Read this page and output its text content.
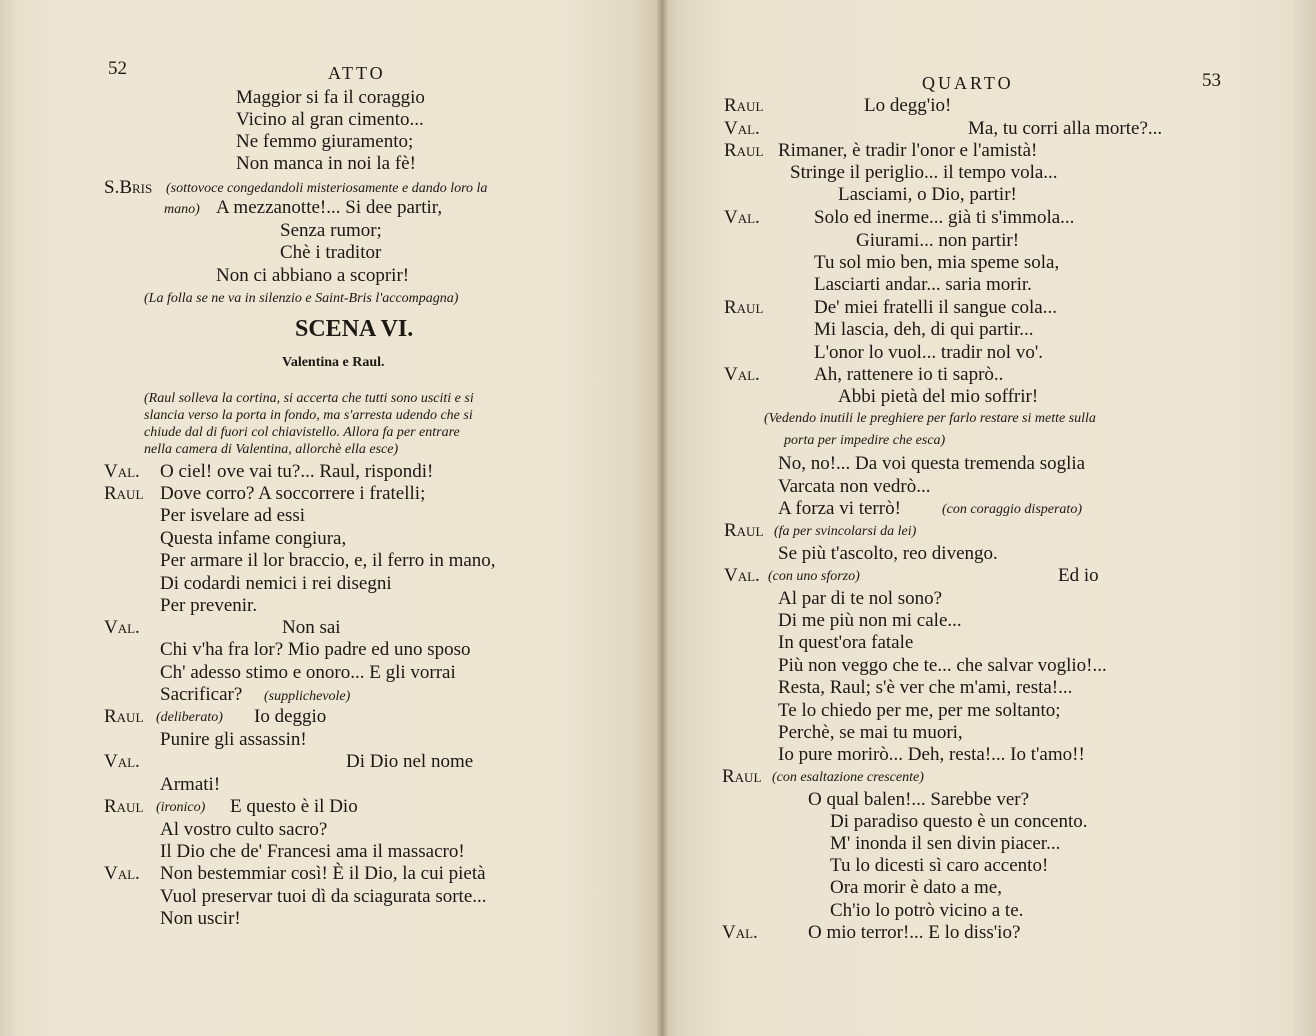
52	ATTO
Maggior si fa il coraggio
Vicino al gran cimento...
Ne femmo giuramento;
Non manca in noi la fè!
S.Bris (sottovoce congedandoli misteriosamente e dando loro la
mano) A mezzanotte!... Si dee partir,
Senza rumor;
Chè i traditor
Non ci abbiano a scoprir!
(La folla se ne va in silenzio e Saint-Bris l'accompagna)
SCENA VI.
Valentina e Raul.
(Raul solleva la cortina, si accerta che tutti sono usciti e si
slancia verso la porta in fondo, ma s'arresta udendo che si
chiude dal di fuori col chiavistello. Allora fa per entrare
nella camera di Valentina, allorchè ella esce)
Val. O ciel! ove vai tu?... Raul, rispondi!
Raul Dove corro? A soccorrere i fratelli;
Per isvelare ad essi
Questa infame congiura,
Per armare il lor braccio, e, il ferro in mano,
Di codardi nemici i rei disegni
Per prevenir.
Val.	Non sai
Chi v'ha fra lor? Mio padre ed uno sposo
Ch' adesso stimo e onoro... E gli vorrai
Sacrificar? (supplichevole)
Raul (deliberato) Io deggio
Punire gli assassin!
Val.	Di Dio nel nome
Armati!
Raul (ironico) E questo è il Dio
Al vostro culto sacro?
Il Dio che de' Francesi ama il massacro!
Val. Non bestemmiar così! È il Dio, la cui pietà
Vuol preservar tuoi dì da sciagurata sorte...
Non uscir!
QUARTO	53
Raul	Lo degg'io!
Val.	Ma, tu corri alla morte?...
Raul Rimaner, è tradir l'onor e l'amistà!
Stringe il periglio... il tempo vola...
Lasciami, o Dio, partir!
Val.	Solo ed inerme... già ti s'immola...
Giurami... non partir!
Tu sol mio ben, mia speme sola,
Lasciarti andar... saria morir.
Raul	De' miei fratelli il sangue cola...
Mi lascia, deh, di qui partir...
L'onor lo vuol... tradir nol vo'.
Val.	Ah, rattenere io ti saprò..
Abbi pietà del mio soffrir!
(Vedendo inutili le preghiere per farlo restare si mette sulla
porta per impedire che esca)
No, no!... Da voi questa tremenda soglia
Varcata non vedrò...
A forza vi terrò!	(con coraggio disperato)
Raul (fa per svincolarsi da lei)
Se più t'ascolto, reo divengo.
Val. (con uno sforzo)	Ed io
Al par di te nol sono?
Di me più non mi cale...
In quest'ora fatale
Più non veggo che te... che salvar voglio!...
Resta, Raul; s'è ver che m'ami, resta!...
Te lo chiedo per me, per me soltanto;
Perchè, se mai tu muori,
Io pure morirò... Deh, resta!... Io t'amo!!
Raul (con esaltazione crescente)
O qual balen!... Sarebbe ver?
Di paradiso questo è un concento.
M' inonda il sen divin piacer...
Tu lo dicesti sì caro accento!
Ora morir è dato a me,
Ch'io lo potrò vicino a te.
Val.	O mio terror!... E lo diss'io?
